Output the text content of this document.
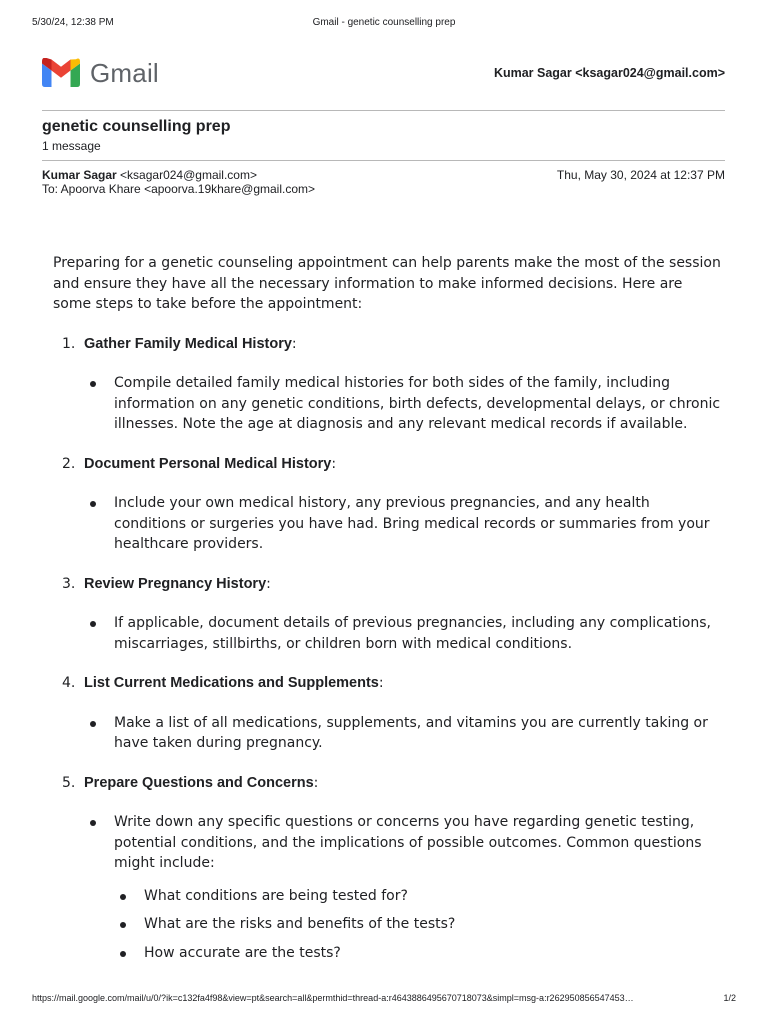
5/30/24, 12:38 PM	Gmail - genetic counselling prep
Gmail	Kumar Sagar <ksagar024@gmail.com>
genetic counselling prep
1 message
Kumar Sagar <ksagar024@gmail.com>	Thu, May 30, 2024 at 12:37 PM
To: Apoorva Khare <apoorva.19khare@gmail.com>

Preparing for a genetic counseling appointment can help parents make the most of the session and ensure they have all the necessary information to make informed decisions. Here are some steps to take before the appointment:

1. Gather Family Medical History:
Compile detailed family medical histories for both sides of the family, including information on any genetic conditions, birth defects, developmental delays, or chronic illnesses. Note the age at diagnosis and any relevant medical records if available.
2. Document Personal Medical History:
Include your own medical history, any previous pregnancies, and any health conditions or surgeries you have had. Bring medical records or summaries from your healthcare providers.
3. Review Pregnancy History:
If applicable, document details of previous pregnancies, including any complications, miscarriages, stillbirths, or children born with medical conditions.
4. List Current Medications and Supplements:
Make a list of all medications, supplements, and vitamins you are currently taking or have taken during pregnancy.
5. Prepare Questions and Concerns:
Write down any specific questions or concerns you have regarding genetic testing, potential conditions, and the implications of possible outcomes. Common questions might include:
What conditions are being tested for?
What are the risks and benefits of the tests?
How accurate are the tests?
https://mail.google.com/mail/u/0/?ik=c132fa4f98&view=pt&search=all&permthid=thread-a:r4643886495670718073&simpl=msg-a:r262950856547453…	1/2
